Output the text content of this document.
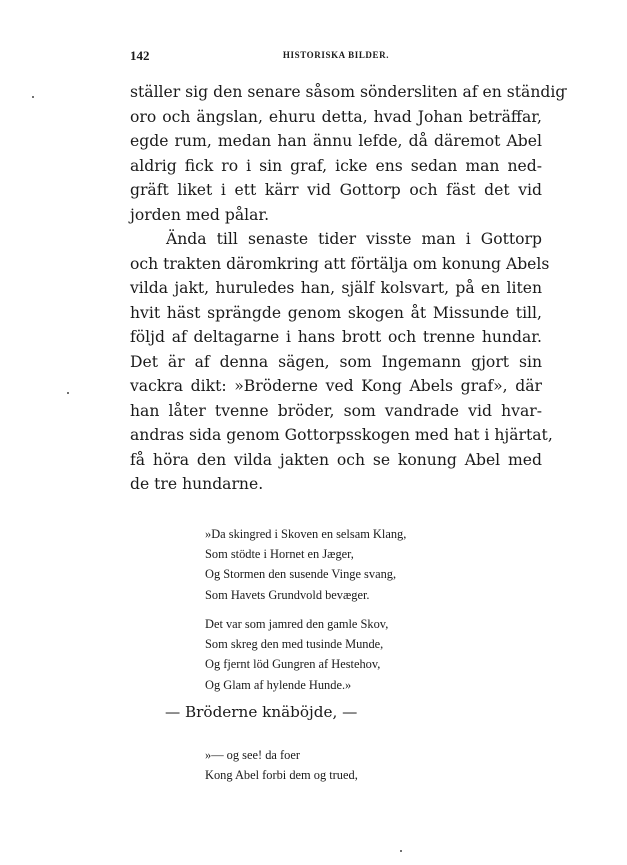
142	HISTORISKA BILDER.

ställer sig den senare såsom söndersliten af en ständig
oro och ängslan, ehuru detta, hvad Johan beträffar,
egde rum, medan han ännu lefde, då däremot Abel
aldrig fick ro i sin graf, icke ens sedan man ned-
gräft liket i ett kärr vid Gottorp och fäst det vid
jorden med pålar.

Ända till senaste tider visste man i Gottorp
och trakten däromkring att förtälja om konung Abels
vilda jakt, huruledes han, själf kolsvart, på en liten
hvit häst sprängde genom skogen åt Missunde till,
följd af deltagarne i hans brott och trenne hundar.
Det är af denna sägen, som Ingemann gjort sin
vackra dikt: »Bröderne ved Kong Abels graf», där
han låter tvenne bröder, som vandrade vid hvar-
andras sida genom Gottorpsskogen med hat i hjärtat,
få höra den vilda jakten och se konung Abel med
de tre hundarne.

»Da skingred i Skoven en selsam Klang,
Som stödte i Hornet en Jæger,
Og Stormen den susende Vinge svang,
Som Havets Grundvold bevæger.
Det var som jamred den gamle Skov,
Som skreg den med tusinde Munde,
Og fjernt löd Gungren af Hestehov,
Og Glam af hylende Hunde.»
— Bröderne knäböjde, —
»— og see! da foer
Kong Abel forbi dem og trued,
